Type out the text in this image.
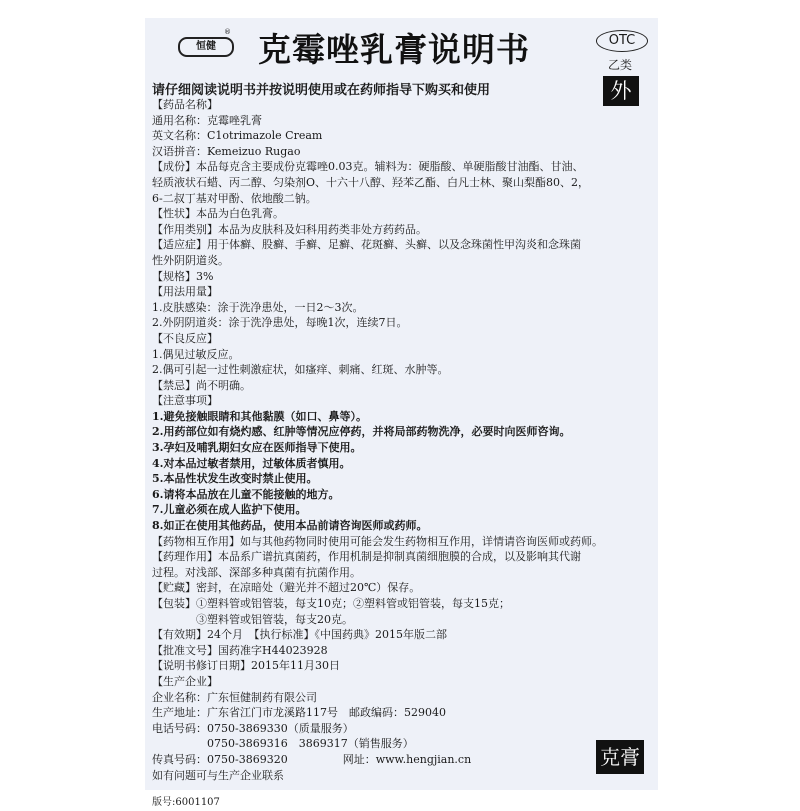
恒健
® 克霉唑乳膏说明书	OTC
乙类
外
请仔细阅读说明书并按说明使用或在药师指导下购买和使用
【药品名称】
通用名称：克霉唑乳膏
英文名称：C1otrimazole Cream
汉语拼音：Kemeizuo Rugao
【成份】本品每克含主要成份克霉唑0.03克。辅料为：硬脂酸、单硬脂酸甘油酯、甘油、
轻质液状石蜡、丙二醇、匀染剂O、十六十八醇、羟苯乙酯、白凡士林、聚山梨酯80、2，
6-二叔丁基对甲酚、依地酸二钠。
【性状】本品为白色乳膏。
【作用类别】本品为皮肤科及妇科用药类非处方药药品。
【适应症】用于体癣、股癣、手癣、足癣、花斑癣、头癣、以及念珠菌性甲沟炎和念珠菌
性外阴阴道炎。
【规格】3%
【用法用量】
1.皮肤感染：涂于洗净患处，一日2～3次。
2.外阴阴道炎：涂于洗净患处，每晚1次，连续7日。
【不良反应】
1.偶见过敏反应。
2.偶可引起一过性刺激症状，如瘙痒、刺痛、红斑、水肿等。
【禁忌】尚不明确。
【注意事项】
1.避免接触眼睛和其他黏膜（如口、鼻等）。
2.用药部位如有烧灼感、红肿等情况应停药，并将局部药物洗净，必要时向医师咨询。
3.孕妇及哺乳期妇女应在医师指导下使用。
4.对本品过敏者禁用，过敏体质者慎用。
5.本品性状发生改变时禁止使用。
6.请将本品放在儿童不能接触的地方。
7.儿童必须在成人监护下使用。
8.如正在使用其他药品，使用本品前请咨询医师或药师。
【药物相互作用】如与其他药物同时使用可能会发生药物相互作用，详情请咨询医师或药师。
【药理作用】本品系广谱抗真菌药，作用机制是抑制真菌细胞膜的合成，以及影响其代谢
过程。对浅部、深部多种真菌有抗菌作用。
【贮藏】密封，在凉暗处（避光并不超过20℃）保存。
【包装】①塑料管或铝管装，每支10克；②塑料管或铝管装，每支15克；
　　　　③塑料管或铝管装，每支20克。
【有效期】24个月　【执行标准】《中国药典》2015年版二部
【批准文号】国药准字H44023928
【说明书修订日期】2015年11月30日
【生产企业】
企业名称：广东恒健制药有限公司
生产地址：广东省江门市龙溪路117号　邮政编码：529040
电话号码：0750-3869330（质量服务）
　　　　　0750-3869316　3869317（销售服务）
传真号码：0750-3869320　　　　　网址：www.hengjian.cn
如有问题可与生产企业联系
版号:6001107
克膏
